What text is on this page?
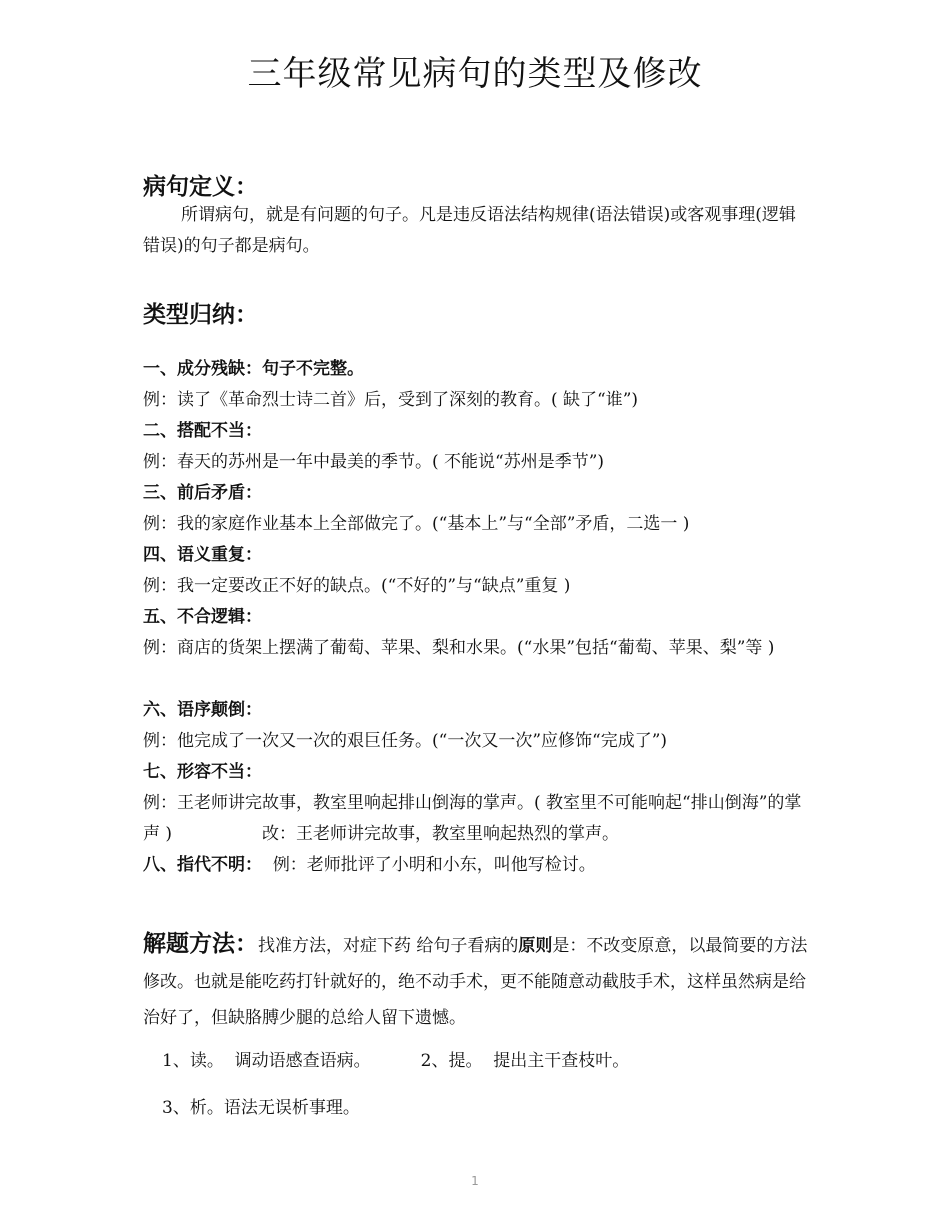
三年级常见病句的类型及修改
病句定义：

所谓病句，就是有问题的句子。凡是违反语法结构规律(语法错误)或客观事理(逻辑错误)的句子都是病句。

类型归纳：

一、成分残缺：句子不完整。

例：读了《革命烈士诗二首》后，受到了深刻的教育。( 缺了“谁”)

二、搭配不当：

例：春天的苏州是一年中最美的季节。( 不能说“苏州是季节”)

三、前后矛盾：

例：我的家庭作业基本上全部做完了。(“基本上”与“全部”矛盾，二选一 )

四、语义重复：

例：我一定要改正不好的缺点。(“不好的”与“缺点”重复 )

五、不合逻辑：

例：商店的货架上摆满了葡萄、苹果、梨和水果。(“水果”包括“葡萄、苹果、梨”等 )

六、语序颠倒：

例：他完成了一次又一次的艰巨任务。(“一次又一次”应修饰“完成了”)

七、形容不当：

例：王老师讲完故事，教室里响起排山倒海的掌声。( 教室里不可能响起“排山倒海”的掌声 )	改：王老师讲完故事，教室里响起热烈的掌声。

八、指代不明： 例：老师批评了小明和小东，叫他写检讨。

解题方法：找准方法，对症下药 给句子看病的原则是：不改变原意，以最简要的方法修改。也就是能吃药打针就好的，绝不动手术，更不能随意动截肢手术，这样虽然病是给治好了，但缺胳膊少腿的总给人留下遗憾。

1、读。 调动语感查语病。	2、提。 提出主干查枝叶。

3、析。语法无误析事理。

1
